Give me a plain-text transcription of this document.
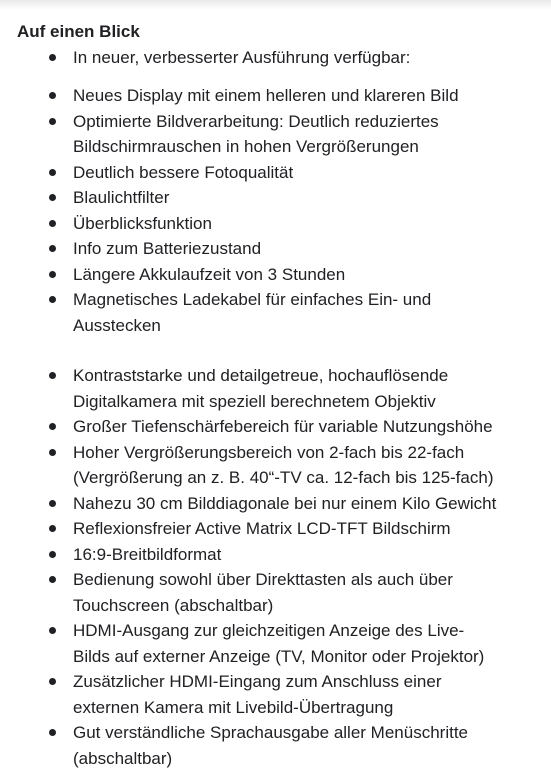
Auf einen Blick
In neuer, verbesserter Ausführung verfügbar:
Neues Display mit einem helleren und klareren Bild
Optimierte Bildverarbeitung: Deutlich reduziertes
Bildschirmrauschen in hohen Vergrößerungen
Deutlich bessere Fotoqualität
Blaulichtfilter
Überblicksfunktion
Info zum Batteriezustand
Längere Akkulaufzeit von 3 Stunden
Magnetisches Ladekabel für einfaches Ein- und
Ausstecken
Kontraststarke und detailgetreue, hochauflösende
Digitalkamera mit speziell berechnetem Objektiv
Großer Tiefenschärfebereich für variable Nutzungshöhe
Hoher Vergrößerungsbereich von 2-fach bis 22-fach
(Vergrößerung an z. B. 40“-TV ca. 12-fach bis 125-fach)
Nahezu 30 cm Bilddiagonale bei nur einem Kilo Gewicht
Reflexionsfreier Active Matrix LCD-TFT Bildschirm
16:9-Breitbildformat
Bedienung sowohl über Direkttasten als auch über
Touchscreen (abschaltbar)
HDMI-Ausgang zur gleichzeitigen Anzeige des Live-
Bilds auf externer Anzeige (TV, Monitor oder Projektor)
Zusätzlicher HDMI-Eingang zum Anschluss einer
externen Kamera mit Livebild-Übertragung
Gut verständliche Sprachausgabe aller Menüschritte
(abschaltbar)
